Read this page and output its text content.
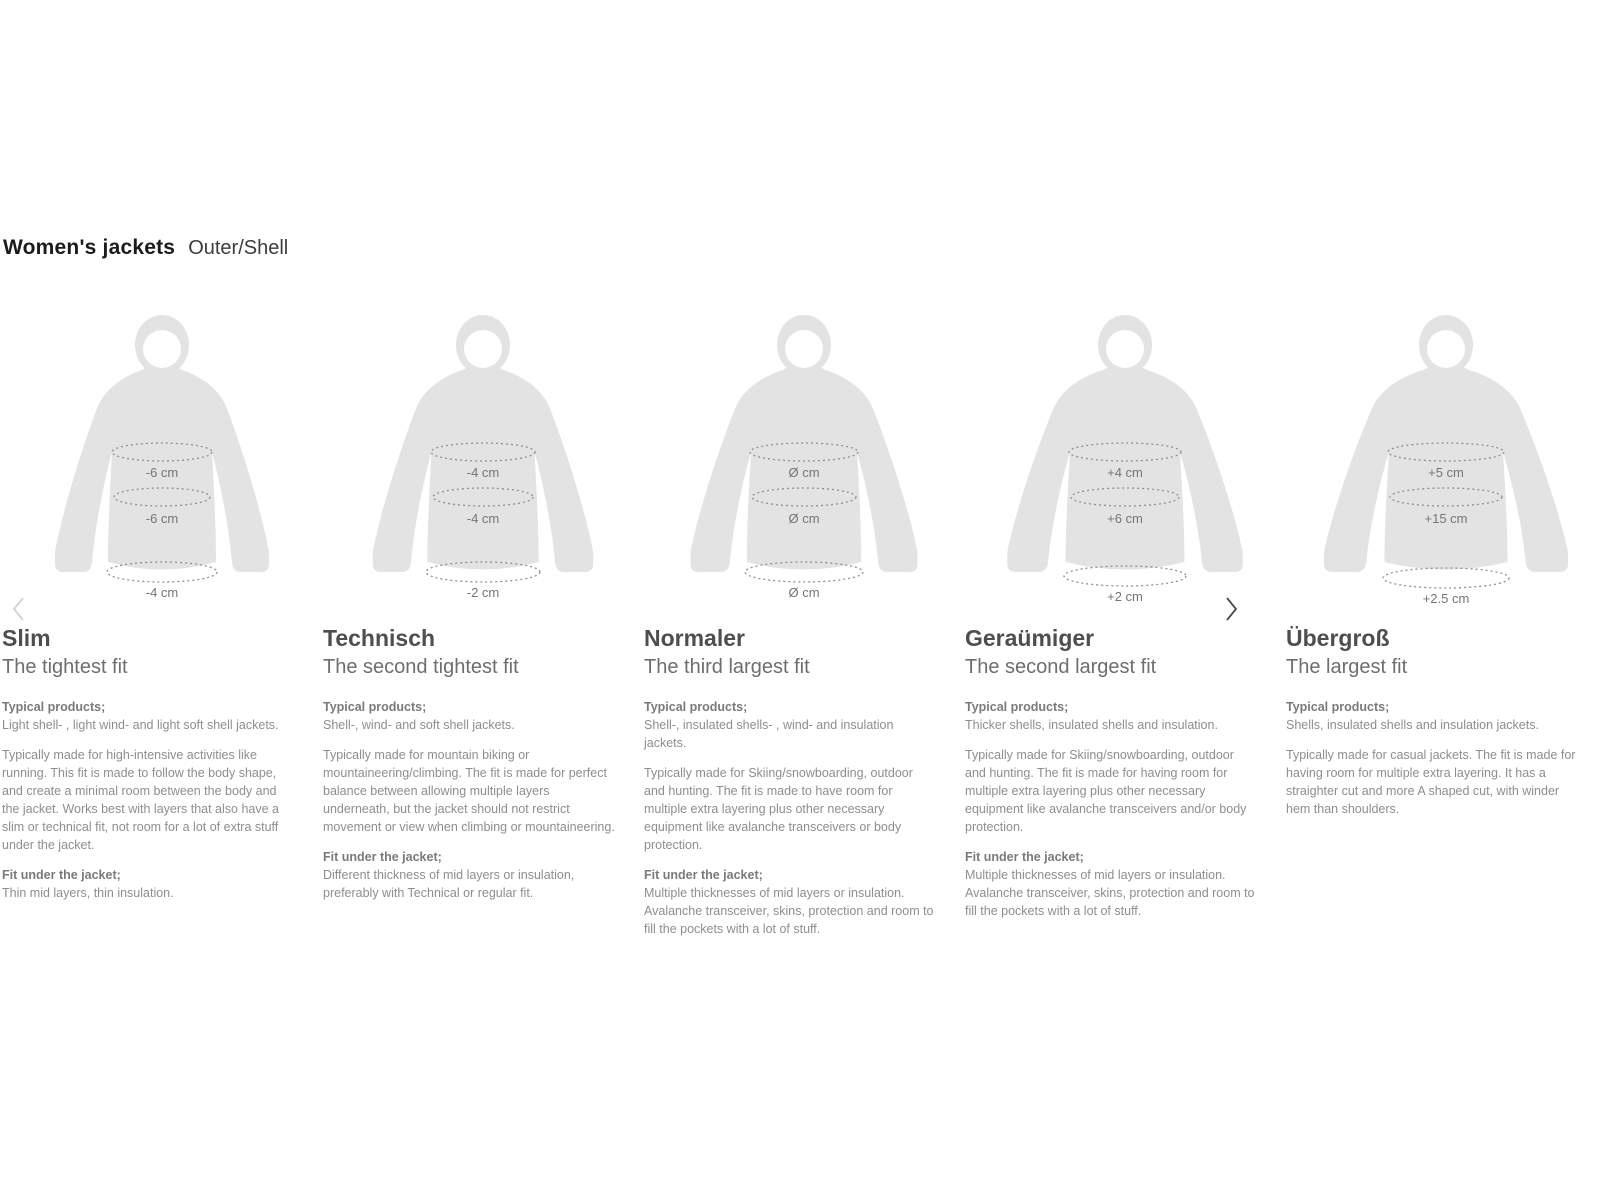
Women's jackets Outer/Shell
-6 cm
-6 cm
-4 cm
Slim
The tightest fit
Typical products;
Light shell- , light wind- and light soft shell jackets.

Typically made for high-intensive activities like running. This fit is made to follow the body shape, and create a minimal room between the body and the jacket. Works best with layers that also have a slim or technical fit, not room for a lot of extra stuff under the jacket.

Fit under the jacket;
Thin mid layers, thin insulation.
-4 cm
-4 cm
-2 cm
Technisch
The second tightest fit
Typical products;
Shell-, wind- and soft shell jackets.

Typically made for mountain biking or mountaineering/climbing. The fit is made for perfect balance between allowing multiple layers underneath, but the jacket should not restrict movement or view when climbing or mountaineering.

Fit under the jacket;
Different thickness of mid layers or insulation, preferably with Technical or regular fit.
Ø cm
Ø cm
Ø cm
Normaler
The third largest fit
Typical products;
Shell-, insulated shells- , wind- and insulation jackets.

Typically made for Skiing/snowboarding, outdoor and hunting. The fit is made to have room for multiple extra layering plus other necessary equipment like avalanche transceivers or body protection.

Fit under the jacket;
Multiple thicknesses of mid layers or insulation. Avalanche transceiver, skins, protection and room to fill the pockets with a lot of stuff.
+4 cm
+6 cm
+2 cm
Geraümiger
The second largest fit
Typical products;
Thicker shells, insulated shells and insulation.

Typically made for Skiing/snowboarding, outdoor and hunting. The fit is made for having room for multiple extra layering plus other necessary equipment like avalanche transceivers and/or body protection.

Fit under the jacket;
Multiple thicknesses of mid layers or insulation. Avalanche transceiver, skins, protection and room to fill the pockets with a lot of stuff.
+5 cm
+15 cm
+2.5 cm
Übergroß
The largest fit
Typical products;
Shells, insulated shells and insulation jackets.

Typically made for casual jackets. The fit is made for having room for multiple extra layering. It has a straighter cut and more A shaped cut, with winder hem than shoulders.
